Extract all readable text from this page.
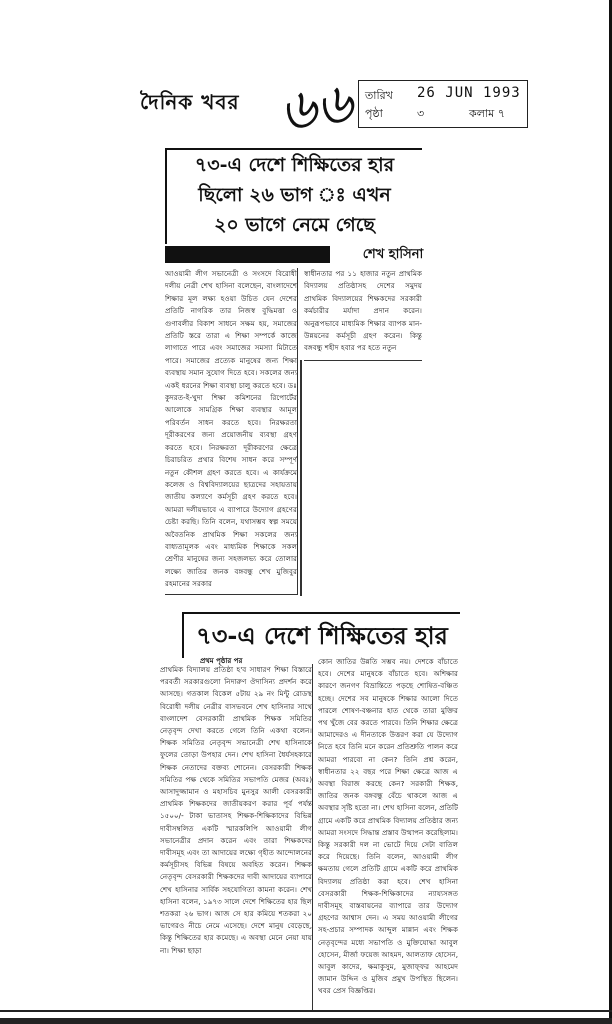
দৈনিক খবর ৬৬ তারিখ 26 JUN 1993
পৃষ্ঠা	৩	কলাম ৭
৭৩-এ দেশে শিক্ষিতের হার
ছিলো ২৬ ভাগ ঃ এখন
২০ ভাগে নেমে গেছে
শেখ হাসিনা
আওয়ামী লীগ সভানেত্রী ও সংসদে বিরোধী দলীয় নেত্রী শেখ হাসিনা বলেছেন, বাংলাদেশে শিক্ষার মূল লক্ষ্য হওয়া উচিত যেন দেশের প্রতিটি নাগরিক তার নিজস্ব বুদ্ধিমত্তা ও গুণাবলীর বিকাশ সাধনে সক্ষম হয়, সমাজের প্রতিটি স্তরে তারা এ শিক্ষা সম্পর্কে কাজে লাগাতে পারে এবং সমাজের সমস্যা মিটাতে পারে। সমাজের প্রত্যেক মানুষের জন্য শিক্ষা ব্যবস্থায় সমান সুযোগ দিতে হবে। সকলের জন্য একই ধরনের শিক্ষা ব্যবস্থা চালু করতে হবে। ডঃ কুদরত-ই-খুদা শিক্ষা কমিশনের রিপোর্টের আলোকে সামগ্রিক শিক্ষা ব্যবস্থার আমূল পরিবর্তন সাধন করতে হবে। নিরক্ষরতা দূরীকরণের জন্য প্রয়োজনীয় ব্যবস্থা গ্রহণ করতে হবে। নিরক্ষরতা দূরীকরণের ক্ষেত্রে চিরাচরিত প্রথার বিশেষ সাধন করে সম্পূর্ণ নতুন কৌশল গ্রহণ করতে হবে। এ কার্যক্রমে কলেজ ও বিশ্ববিদ্যালয়ের ছাত্রদের সহায়তায় জাতীয় কল্যাণে কর্মসূচী গ্রহণ করতে হবে। আমরা দলীয়ভাবে এ ব্যাপারে উদ্যোগ গ্রহণের চেষ্টা করছি। তিনি বলেন, যথাসম্ভব স্বল্প সময়ে অবৈতনিক প্রাথমিক শিক্ষা সকলের জন্য বাধ্যতামূলক এবং মাধ্যমিক শিক্ষাকে সকল শ্রেণীর মানুষের জন্য সহজলভ্য করে তোলার লক্ষ্যে জাতির জনক বঙ্গবন্ধু শেখ মুজিবুর রহমানের সরকার
স্বাধীনতার পর ১১ হাজার নতুন প্রাথমিক বিদ্যালয় প্রতিষ্ঠাসহ দেশের সমুদয় প্রাথমিক বিদ্যালয়ের শিক্ষকদের সরকারী কর্মচারীর মর্যাদা প্রদান করেন। অনুরূপভাবে মাধ্যমিক শিক্ষার ব্যাপক মান-উন্নয়নের কর্মসূচী গ্রহণ করেন। কিন্তু বঙ্গবন্ধু শহীদ হবার পর হতে নতুন
৭৩-এ দেশে শিক্ষিতের হার
প্রথম পৃষ্ঠার পর
প্রাথমিক বিদ্যালয় প্রতিষ্ঠা হ'ব সাধারণ শিক্ষা বিস্তারে পরবর্তী সরকারগুলো নিদারুণ ঔদাসিন্য প্রদর্শন করে আসছে। গতকাল বিকেল ৫টায় ২৯ নং মিন্টু রোডস্থ বিরোধী দলীয় নেত্রীর বাসভবনে শেখ হাসিনার সাথে বাংলাদেশ বেসরকারী প্রাথমিক শিক্ষক সমিতির নেতৃবৃন্দ দেখা করতে গেলে তিনি একথা বলেন। শিক্ষক সমিতির নেতৃবৃন্দ সভানেত্রী শেখ হাসিনাকে ফুলের তোড়া উপহার দেন। শেখ হাসিনা ধৈর্যসহকারে শিক্ষক নেতাদের বক্তব্য শোনেন। বেসরকারী শিক্ষক সমিতির পক্ষ থেকে সমিতির সভাপতি মেজর (অবঃ) আসাদুজ্জামান ও মহাসচিব মুনসুর আলী বেসরকারী প্রাথমিক শিক্ষকদের জাতীয়করণ করার পূর্ব পর্যন্ত ১৫০০/- টাকা ভাতাসহ শিক্ষক-শিক্ষিকাদের বিভিন্ন দাবীসম্বলিত একটি স্মারকলিপি আওয়ামী লীগ সভানেত্রীর প্রদান করেন এবং তারা শিক্ষকদের দাবীসমূহ এবং তা আদায়ের লক্ষ্যে গৃহীত আন্দোলনের কর্মসূচীসহ বিভিন্ন বিষয়ে অবহিত করেন। শিক্ষক নেতৃবৃন্দ বেসরকারী শিক্ষকদের দাবী আদায়ের ব্যাপারে শেখ হাসিনার সার্বিক সহযোগিতা কামনা করেন। শেখ হাসিনা বলেন, ১৯৭৩ সালে দেশে শিক্ষিতের হার ছিল শতকরা ২৬ ভাগ। আজ সে হার কমিয়ে শতকরা ২০ ভাগেরও নীচে নেমে এসেছে। দেশে মানুষ বেড়েছে, কিন্তু শিক্ষিতের হার কমেছে। এ অবস্থা মেনে নেয়া যায় না। শিক্ষা ছাড়া
কোন জাতির উন্নতি সম্ভব নয়। দেশকে বাঁচাতে হবে। দেশের মানুষকে বাঁচাতে হবে। অশিক্ষার কারণে জনগণ বিভ্রান্তিতে পড়ছে শোষিত-বঞ্চিত হচ্ছে। দেশের সব মানুষকে শিক্ষার আলো দিতে পারলে শোষণ-বঞ্চনার হাত থেকে তারা মুক্তির পথ খুঁজে বের করতে পারবে। তিনি শিক্ষার ক্ষেত্রে আমাদেরও এ দীনতাকে উত্তরণ করা যে উদ্যোগ নিতে হবে তিনি মনে করেন প্রতিশ্রুতি পালন করে আমরা পারবো না কেন? তিনি প্রশ্ন করেন, স্বাধীনতার ২২ বছর পরে শিক্ষা ক্ষেত্রে আজ এ অবস্থা বিরাজ করছে কেন? সরকারী শিক্ষক, জাতির জনক বঙ্গবন্ধু বেঁচে থাকলে আজ এ অবস্থার সৃষ্টি হতো না। শেখ হাসিনা বলেন, প্রতিটি গ্রামে একটি করে প্রাথমিক বিদ্যালয় প্রতিষ্ঠার জন্য আমরা সংসদে সিদ্ধান্ত প্রস্তাব উত্থাপন করেছিলাম। কিন্তু সরকারী দল না ভোটে দিয়ে সেটা বাতিল করে দিয়েছে। তিনি বলেন, আওয়ামী লীগ ক্ষমতায় গেলে প্রতিটি গ্রামে একটি করে প্রাথমিক বিদ্যালয় প্রতিষ্ঠা করা হবে। শেখ হাসিনা বেসরকারী শিক্ষক-শিক্ষিকাদের ন্যায্যসঙ্গত দাবীসমূহ বাস্তবায়নের ব্যাপারে তার উদ্যোগ গ্রহণের আশ্বাস দেন। এ সময় আওয়ামী লীগের সহ-প্রচার সম্পাদক আব্দুল মান্নান এবং শিক্ষক নেতৃবৃন্দের মধ্যে সভাপতি ও মুক্তিযোদ্ধা আবুল হোসেন, মীর্জা ফয়েজ আহমদ, আলতাফ হোসেন, আবুল কাদের, ক্ষমাকুসুম, মুজাফ্ফর আহমেদ জামান উদ্দিন ও মুজিব প্রমুখ উপস্থিত ছিলেন। খবর প্রেস বিজ্ঞপ্তির।
